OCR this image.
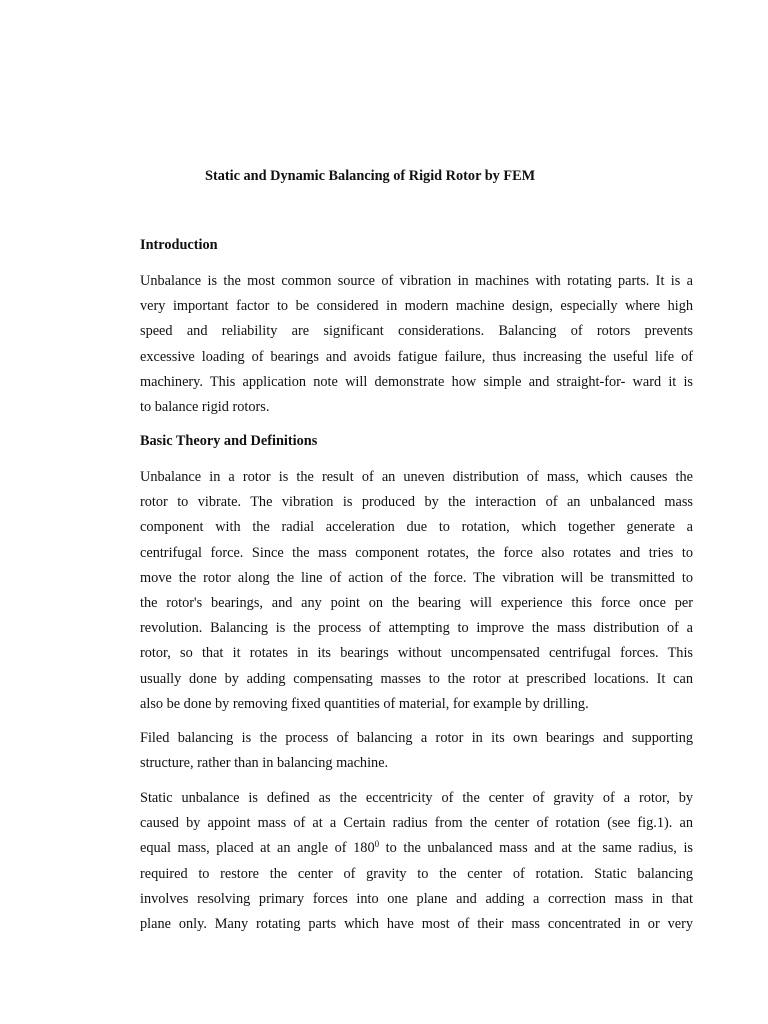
Static and Dynamic Balancing of Rigid Rotor by FEM
Introduction

Unbalance is the most common source of vibration in machines with rotating parts. It is a
very important factor to be considered in modern machine design, especially where high
speed and reliability are significant considerations. Balancing of rotors prevents
excessive loading of bearings and avoids fatigue failure, thus increasing the useful life of
machinery. This application note will demonstrate how simple and straight-for- ward it is
to balance rigid rotors.

Basic Theory and Definitions

Unbalance in a rotor is the result of an uneven distribution of mass, which causes the
rotor to vibrate. The vibration is produced by the interaction of an unbalanced mass
component with the radial acceleration due to rotation, which together generate a
centrifugal force. Since the mass component rotates, the force also rotates and tries to
move the rotor along the line of action of the force. The vibration will be transmitted to
the rotor's bearings, and any point on the bearing will experience this force once per
revolution. Balancing is the process of attempting to improve the mass distribution of a
rotor, so that it rotates in its bearings without uncompensated centrifugal forces. This
usually done by adding compensating masses to the rotor at prescribed locations. It can
also be done by removing fixed quantities of material, for example by drilling.

Filed balancing is the process of balancing a rotor in its own bearings and supporting
structure, rather than in balancing machine.

Static unbalance is defined as the eccentricity of the center of gravity of a rotor, by
caused by appoint mass of at a Certain radius from the center of rotation (see fig.1). an
equal mass, placed at an angle of $180^0$ to the unbalanced mass and at the same radius, is
required to restore the center of gravity to the center of rotation. Static balancing
involves resolving primary forces into one plane and adding a correction mass in that
plane only. Many rotating parts which have most of their mass concentrated in or very
